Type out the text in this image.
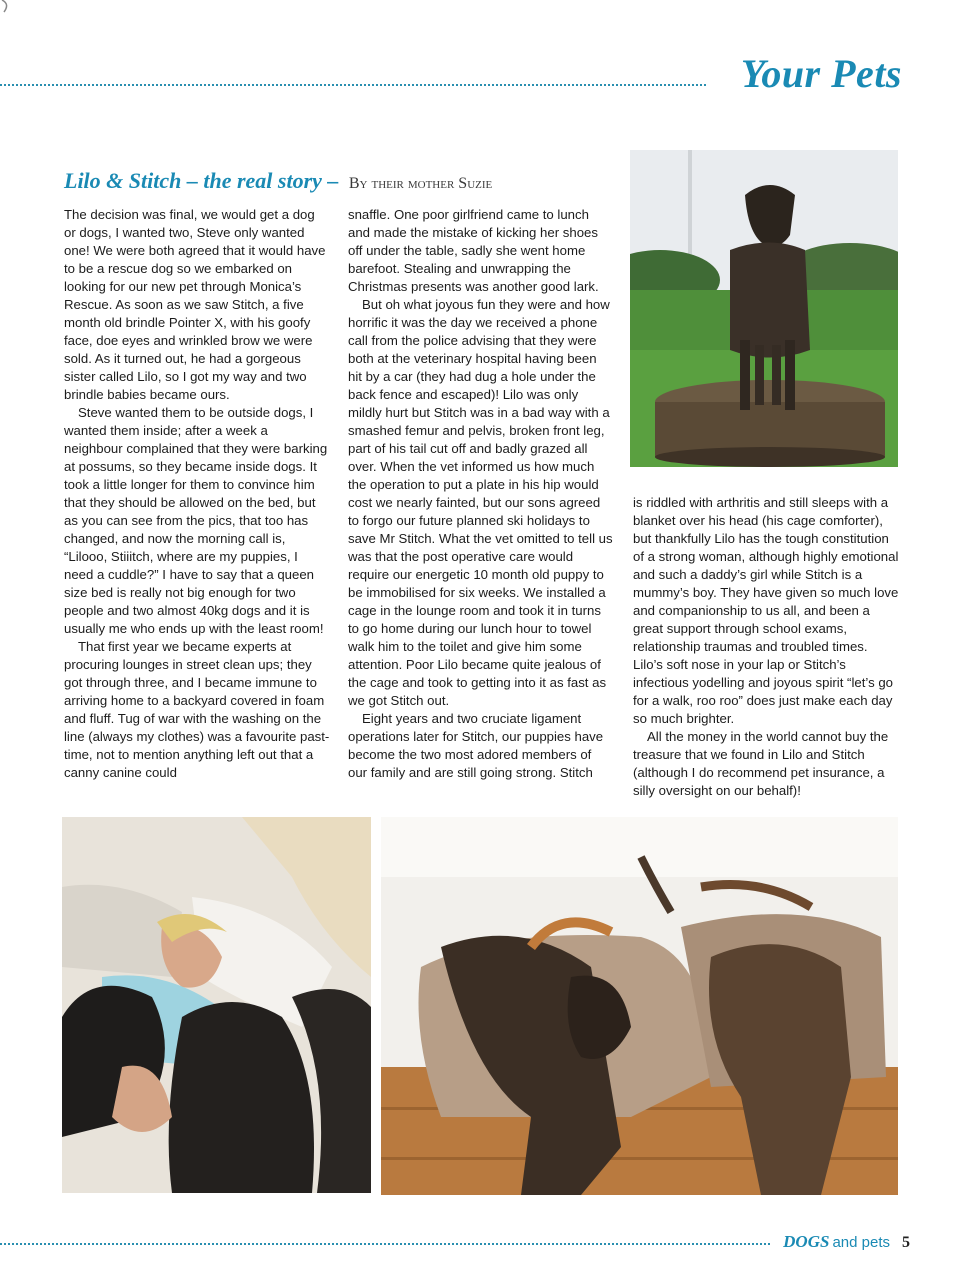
Your Pets
Lilo & Stitch – the real story – By their mother Suzie

The decision was final, we would get a dog or dogs, I wanted two, Steve only wanted one! We were both agreed that it would have to be a rescue dog so we embarked on looking for our new pet through Monica’s Rescue. As soon as we saw Stitch, a five month old brindle Pointer X, with his goofy face, doe eyes and wrinkled brow we were sold. As it turned out, he had a gorgeous sister called Lilo, so I got my way and two brindle babies became ours.

Steve wanted them to be outside dogs, I wanted them inside; after a week a neighbour complained that they were barking at possums, so they became inside dogs. It took a little longer for them to convince him that they should be allowed on the bed, but as you can see from the pics, that too has changed, and now the morning call is, “Lilooo, Stiiitch, where are my puppies, I need a cuddle?” I have to say that a queen size bed is really not big enough for two people and two almost 40kg dogs and it is usually me who ends up with the least room!

That first year we became experts at procuring lounges in street clean ups; they got through three, and I became immune to arriving home to a backyard covered in foam and fluff. Tug of war with the washing on the line (always my clothes) was a favourite past-time, not to mention anything left out that a canny canine could

snaffle. One poor girlfriend came to lunch and made the mistake of kicking her shoes off under the table, sadly she went home barefoot. Stealing and unwrapping the Christmas presents was another good lark.

But oh what joyous fun they were and how horrific it was the day we received a phone call from the police advising that they were both at the veterinary hospital having been hit by a car (they had dug a hole under the back fence and escaped)! Lilo was only mildly hurt but Stitch was in a bad way with a smashed femur and pelvis, broken front leg, part of his tail cut off and badly grazed all over. When the vet informed us how much the operation to put a plate in his hip would cost we nearly fainted, but our sons agreed to forgo our future planned ski holidays to save Mr Stitch. What the vet omitted to tell us was that the post operative care would require our energetic 10 month old puppy to be immobilised for six weeks. We installed a cage in the lounge room and took it in turns to go home during our lunch hour to towel walk him to the toilet and give him some attention. Poor Lilo became quite jealous of the cage and took to getting into it as fast as we got Stitch out.

Eight years and two cruciate ligament operations later for Stitch, our puppies have become the two most adored members of our family and are still going strong. Stitch

is riddled with arthritis and still sleeps with a blanket over his head (his cage comforter), but thankfully Lilo has the tough constitution of a strong woman, although highly emotional and such a daddy’s girl while Stitch is a mummy’s boy. They have given so much love and companionship to us all, and been a great support through school exams, relationship traumas and troubled times. Lilo’s soft nose in your lap or Stitch’s infectious yodelling and joyous spirit “let’s go for a walk, roo roo” does just make each day so much brighter.

All the money in the world cannot buy the treasure that we found in Lilo and Stitch (although I do recommend pet insurance, a silly oversight on our behalf)!

DOGS and pets 5
